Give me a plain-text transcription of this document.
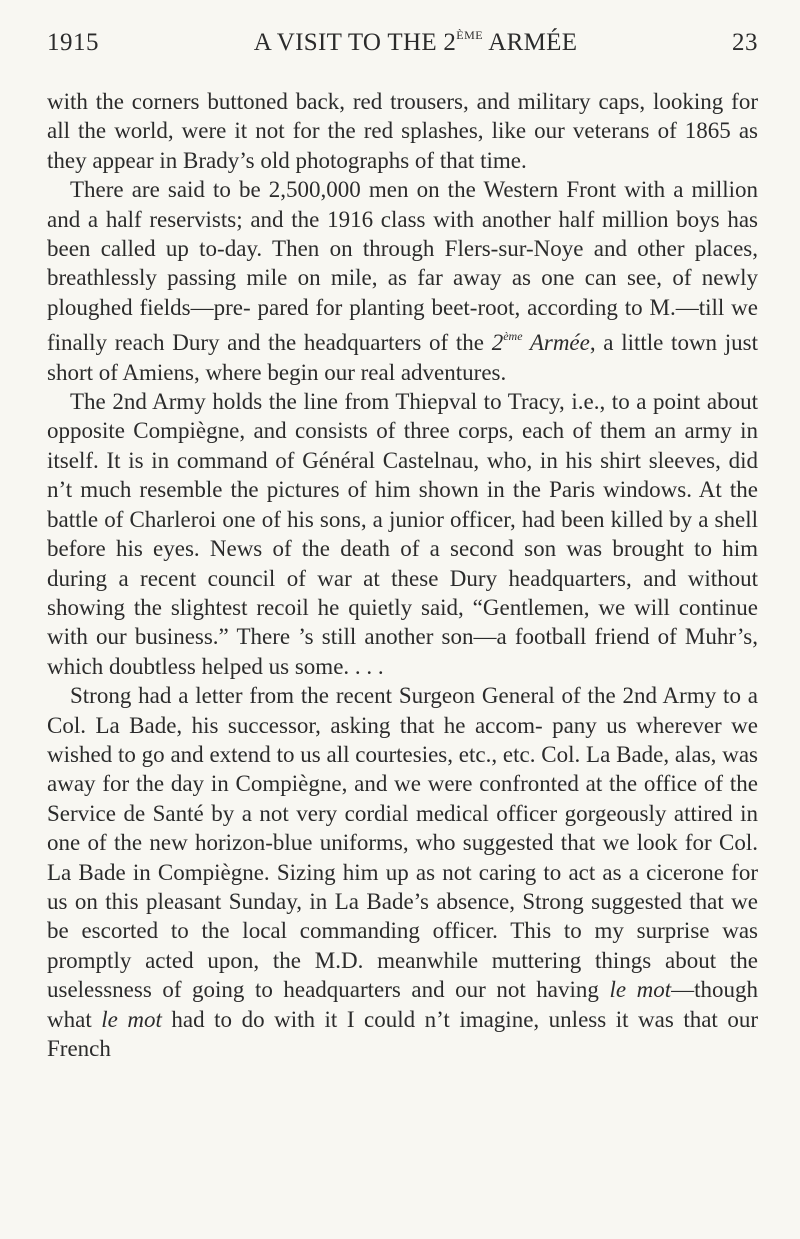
1915	A VISIT TO THE 2ÈME ARMÉE	23

with the corners buttoned back, red trousers, and military caps, looking for all the world, were it not for the red splashes, like our veterans of 1865 as they appear in Brady’s old photographs of that time.

There are said to be 2,500,000 men on the Western Front with a million and a half reservists; and the 1916 class with another half million boys has been called up to-day. Then on through Flers-sur-Noye and other places, breathlessly passing mile on mile, as far away as one can see, of newly ploughed fields—pre- pared for planting beet-root, according to M.—till we finally reach Dury and the headquarters of the 2ème Armée, a little town just short of Amiens, where begin our real adventures.

The 2nd Army holds the line from Thiepval to Tracy, i.e., to a point about opposite Compiègne, and consists of three corps, each of them an army in itself. It is in command of Général Castelnau, who, in his shirt sleeves, did n’t much resemble the pictures of him shown in the Paris windows. At the battle of Charleroi one of his sons, a junior officer, had been killed by a shell before his eyes. News of the death of a second son was brought to him during a recent council of war at these Dury headquarters, and without showing the slightest recoil he quietly said, “Gentlemen, we will continue with our business.” There ’s still another son—a football friend of Muhr’s, which doubtless helped us some. . . .

Strong had a letter from the recent Surgeon General of the 2nd Army to a Col. La Bade, his successor, asking that he accom- pany us wherever we wished to go and extend to us all courtesies, etc., etc. Col. La Bade, alas, was away for the day in Compiègne, and we were confronted at the office of the Service de Santé by a not very cordial medical officer gorgeously attired in one of the new horizon-blue uniforms, who suggested that we look for Col. La Bade in Compiègne. Sizing him up as not caring to act as a cicerone for us on this pleasant Sunday, in La Bade’s absence, Strong suggested that we be escorted to the local commanding officer. This to my surprise was promptly acted upon, the M.D. meanwhile muttering things about the uselessness of going to headquarters and our not having le mot—though what le mot had to do with it I could n’t imagine, unless it was that our French
